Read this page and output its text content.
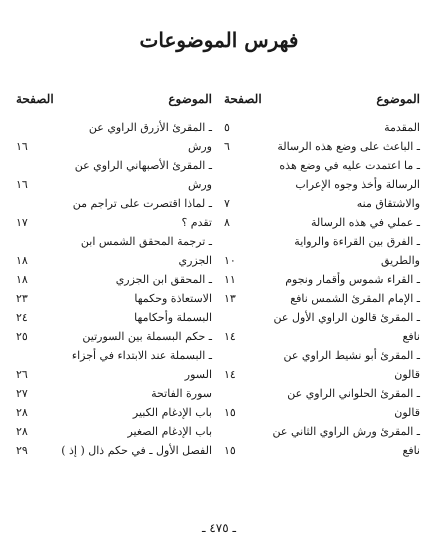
فهرس الموضوعات
الموضوع
الصفحة
المقدمة
٥
ـ الباعث على وضع هذه الرسالة
٦
ـ ما اعتمدت عليه في وضع هذه
الرسالة وأخذ وجوه الإعراب
والاشتقاق منه
٧
ـ عملي في هذه الرسالة
٨
ـ الفرق بين القراءة والرواية
والطريق
١٠
ـ القراء شموس وأقمار ونجوم
١١
ـ الإمام المقرئ الشمس نافع
١٣
ـ المقرئ قالون الراوي الأول عن
نافع
١٤
ـ المقرئ أبو نشيط الراوي عن
قالون
١٤
ـ المقرئ الحلواني الراوي عن
قالون
١٥
ـ المقرئ ورش الراوي الثاني عن
نافع
١٥
الموضوع
الصفحة
ـ المقرئ الأزرق الراوي عن
ورش
١٦
ـ المقرئ الأصبهاني الراوي عن
ورش
١٦
ـ لماذا اقتصرت على تراجم من
تقدم ؟
١٧
ـ ترجمة المحقق الشمس ابن
الجزري
١٨
ـ المحقق ابن الجزري
١٨
الاستعاذة وحكمها
٢٣
البسملة وأحكامها
٢٤
ـ حكم البسملة بين السورتين
٢٥
ـ البسملة عند الابتداء في أجزاء
السور
٢٦
سورة الفاتحة
٢٧
باب الإدغام الكبير
٢٨
باب الإدغام الصغير
٢٨
الفصل الأول ـ في حكم ذال ( إذ )
٢٩
ـ ٤٧٥ ـ
